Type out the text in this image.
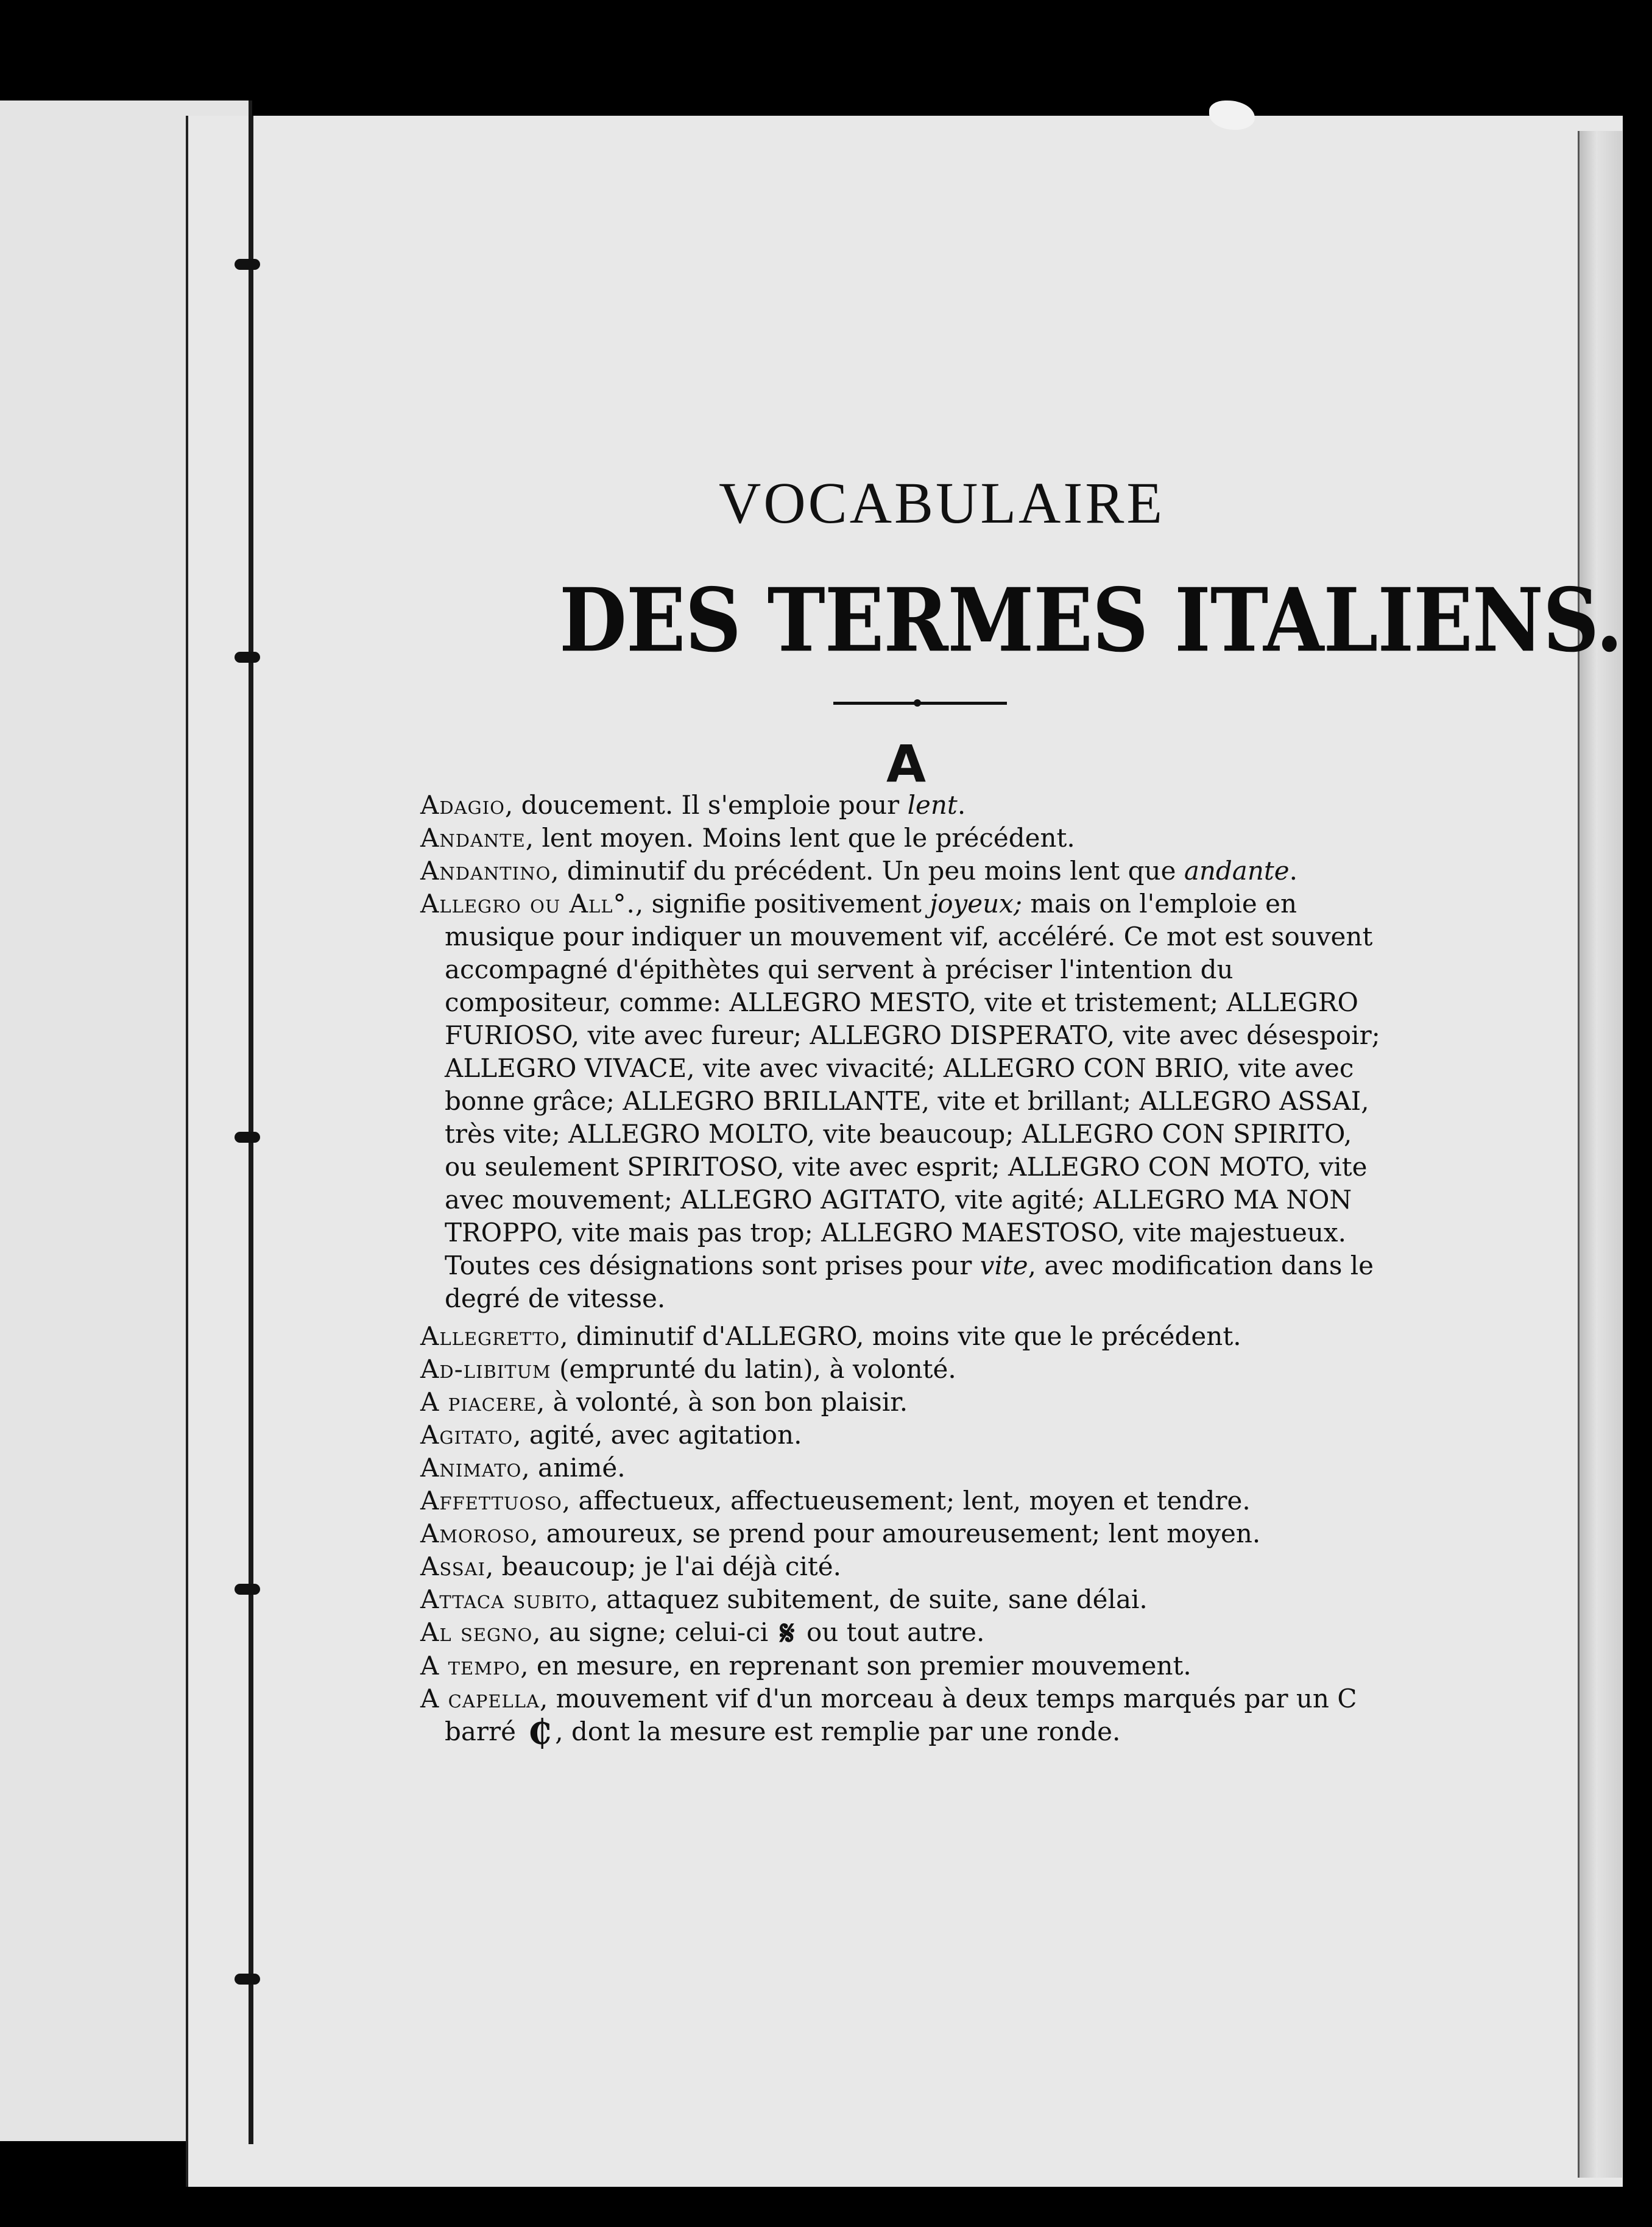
VOCABULAIRE
DES TERMES ITALIENS.
A
Adagio, doucement. Il s'emploie pour lent.
Andante, lent moyen. Moins lent que le précédent.
Andantino, diminutif du précédent. Un peu moins lent que andante.
Allegro ou All°., signifie positivement joyeux; mais on l'emploie en musique pour indiquer un mouvement vif, accéléré. Ce mot est souvent accompagné d'épithètes qui servent à préciser l'intention du compositeur, comme: ALLEGRO MESTO, vite et tristement; ALLEGRO FURIOSO, vite avec fureur; ALLEGRO DISPERATO, vite avec désespoir; ALLEGRO VIVACE, vite avec vivacité; ALLEGRO CON BRIO, vite avec bonne grâce; ALLEGRO BRILLANTE, vite et brillant; ALLEGRO ASSAI, très vite; ALLEGRO MOLTO, vite beaucoup; ALLEGRO CON SPIRITO, ou seulement SPIRITOSO, vite avec esprit; ALLEGRO CON MOTO, vite avec mouvement; ALLEGRO AGITATO, vite agité; ALLEGRO MA NON TROPPO, vite mais pas trop; ALLEGRO MAESTOSO, vite majestueux. Toutes ces désignations sont prises pour vite, avec modification dans le degré de vitesse.
Allegretto, diminutif d'ALLEGRO, moins vite que le précédent.
Ad-libitum (emprunté du latin), à volonté.
A piacere, à volonté, à son bon plaisir.
Agitato, agité, avec agitation.
Animato, animé.
Affettuoso, affectueux, affectueusement; lent, moyen et tendre.
Amoroso, amoureux, se prend pour amoureusement; lent moyen.
Assai, beaucoup; je l'ai déjà cité.
Attaca subito, attaquez subitement, de suite, sane délai.
Al segno, au signe; celui-ci 𝄋 ou tout autre.
A tempo, en mesure, en reprenant son premier mouvement.
A capella, mouvement vif d'un morceau à deux temps marqués par un C barré ₵ , dont la mesure est remplie par une ronde.
